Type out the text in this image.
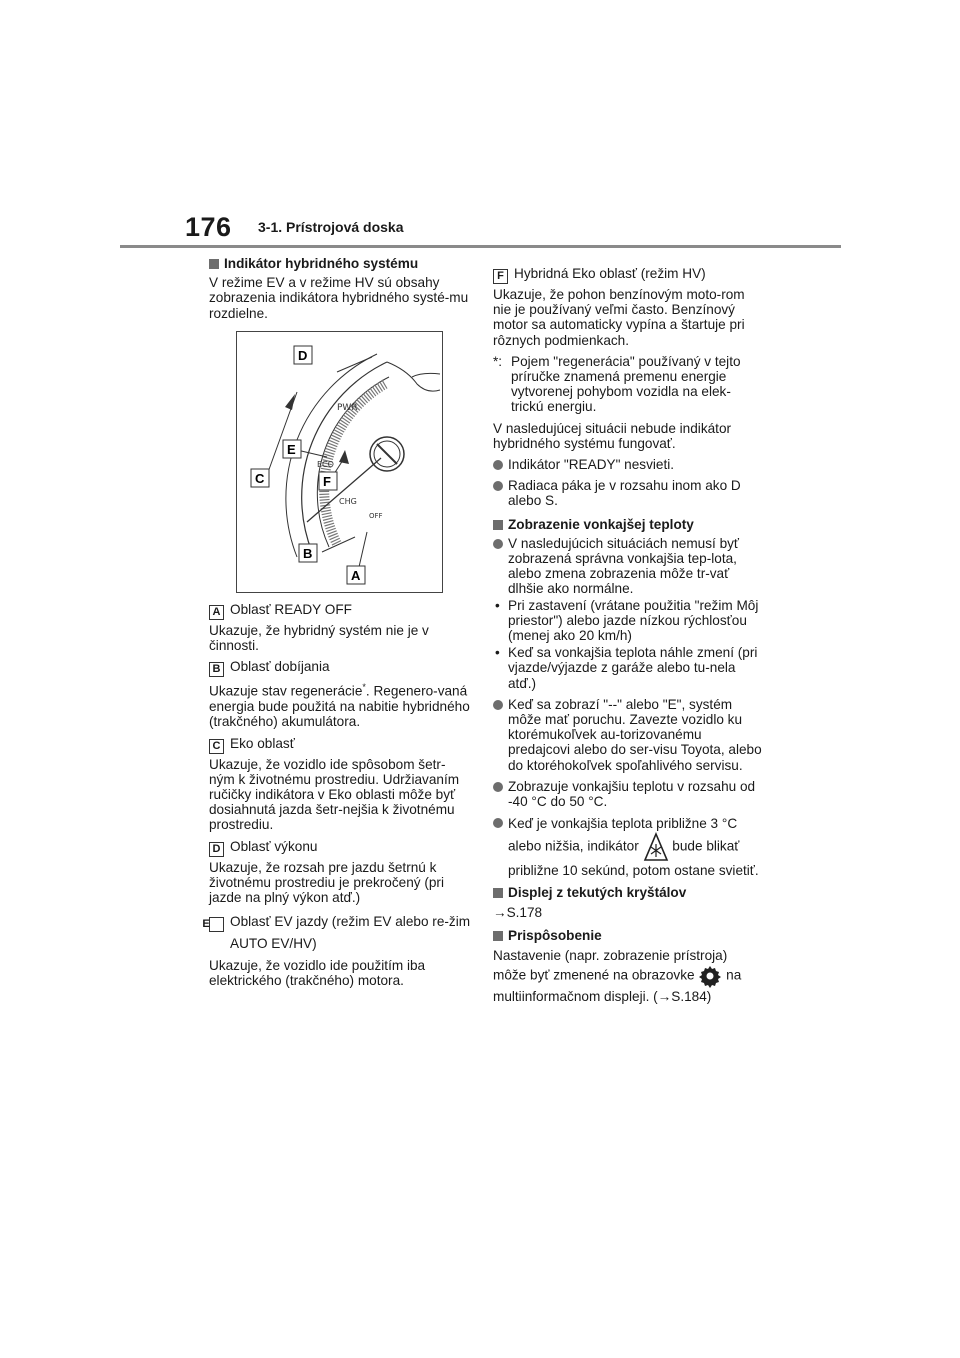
176 3-1. Prístrojová doska
Indikátor hybridného systému

V režime EV a v režime HV sú obsahy zobrazenia indikátora hybridného systé-mu rozdielne.

PWR
ECO
CHG
OFF
D
E
C	F
B
A
A Oblasť READY OFF

Ukazuje, že hybridný systém nie je v činnosti.

B Oblasť dobíjania

Ukazuje stav regenerácie*. Regenero-vaná energia bude použitá na nabitie hybridného (trakčného) akumulátora.

C Eko oblasť

Ukazuje, že vozidlo ide spôsobom šetr-ným k životnému prostrediu. Udržiavaním ručičky indikátora v Eko oblasti môže byť dosiahnutá jazda šetr-nejšia k životnému prostrediu.

D Oblasť výkonu

Ukazuje, že rozsah pre jazdu šetrnú k životnému prostrediu je prekročený (pri jazde na plný výkon atď.)

E Oblasť EV jazdy (režim EV alebo re-žim AUTO EV/HV)

Ukazuje, že vozidlo ide použitím iba elektrického (trakčného) motora.

F Hybridná Eko oblasť (režim HV)

Ukazuje, že pohon benzínovým moto-rom nie je používaný veľmi často. Benzínový motor sa automaticky vypína a štartuje pri rôznych podmienkach.

*: Pojem "regenerácia" používaný v tejto príručke znamená premenu energie vytvorenej pohybom vozidla na elek-trickú energiu.

V nasledujúcej situácii nebude indikátor hybridného systému fungovať.

Indikátor "READY" nesvieti.
Radiaca páka je v rozsahu inom ako D alebo S.
Zobrazenie vonkajšej teploty
V nasledujúcich situáciách nemusí byť zobrazená správna vonkajšia tep-lota, alebo zmena zobrazenia môže tr-vať dlhšie ako normálne.
• Pri zastavení (vrátane použitia "režim Môj priestor") alebo jazde nízkou rýchlosťou (menej ako 20 km/h)
• Keď sa vonkajšia teplota náhle zmení (pri vjazde/výjazde z garáže alebo tu-nela atď.)
Keď sa zobrazí "--" alebo "E", systém môže mať poruchu. Zavezte vozidlo ku ktorémukoľvek au-torizovanému predajcovi alebo do ser-visu Toyota, alebo do ktoréhokoľvek spoľahlivého servisu.
Zobrazuje vonkajšiu teplotu v rozsahu od -40 °C do 50 °C.
Keď je vonkajšia teplota približne 3 °C alebo nižšia, indikátor bude blikať približne 10 sekúnd, potom ostane svietiť.
Displej z tekutých kryštálov

→S.178

Prispôsobenie

Nastavenie (napr. zobrazenie prístroja) môže byť zmenené na obrazovke na multiinformačnom displeji. (→S.184)
